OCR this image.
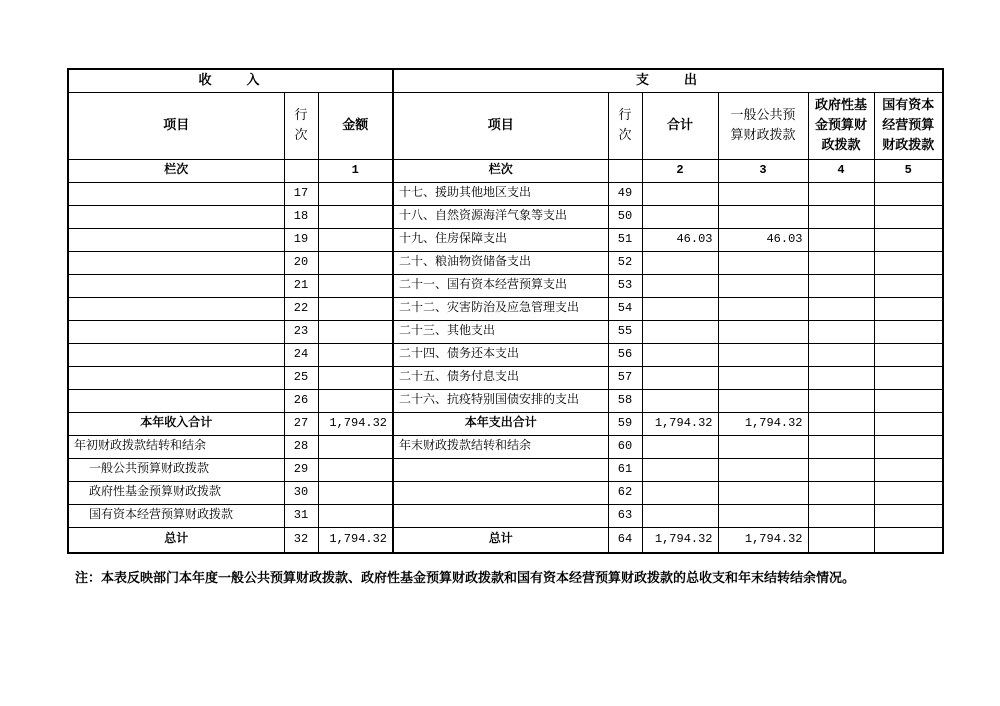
收　　入			支　　出					
项目	行次	金额	项目	行次	合计	一般公共预算财政拨款	政府性基金预算财政拨款	国有资本经营预算财政拨款
栏次		1	栏次		2	3	4	5
	17		十七、援助其他地区支出	49				
	18		十八、自然资源海洋气象等支出	50				
	19		十九、住房保障支出	51	46.03	46.03		
	20		二十、粮油物资储备支出	52				
	21		二十一、国有资本经营预算支出	53				
	22		二十二、灾害防治及应急管理支出	54				
	23		二十三、其他支出	55				
	24		二十四、债务还本支出	56				
	25		二十五、债务付息支出	57				
	26		二十六、抗疫特别国债安排的支出	58				
本年收入合计	27	1,794.32	本年支出合计	59	1,794.32	1,794.32		
年初财政拨款结转和结余	28		年末财政拨款结转和结余	60				
一般公共预算财政拨款	29			61				
政府性基金预算财政拨款	30			62				
国有资本经营预算财政拨款	31			63				
总计	32	1,794.32	总计	64	1,794.32	1,794.32		
注：本表反映部门本年度一般公共预算财政拨款、政府性基金预算财政拨款和国有资本经营预算财政拨款的总收支和年末结转结余情况。
